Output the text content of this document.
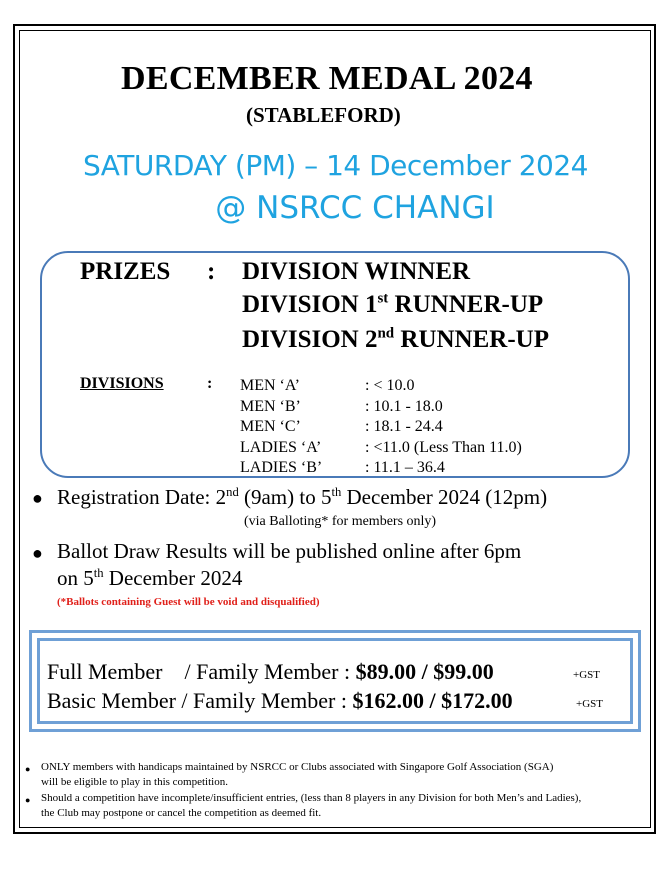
DECEMBER MEDAL 2024
(STABLEFORD)
SATURDAY (PM) – 14 December 2024
@ NSRCC CHANGI
PRIZES : DIVISION WINNER
DIVISION 1st RUNNER-UP
DIVISION 2nd RUNNER-UP
DIVISIONS	: MEN ‘A’	: < 10.0
MEN ‘B’	: 10.1 - 18.0
MEN ‘C’	: 18.1 - 24.4
LADIES ‘A’	: <11.0 (Less Than 11.0)
LADIES ‘B’	: 11.1 – 36.4
● Registration Date: 2nd (9am) to 5th December 2024 (12pm)
(via Balloting* for members only)
● Ballot Draw Results will be published online after 6pm
on 5th December 2024
(*Ballots containing Guest will be void and disqualified)
Full Member    / Family Member : $89.00 / $99.00	+GST
Basic Member / Family Member : $162.00 / $172.00	+GST
● ONLY members with handicaps maintained by NSRCC or Clubs associated with Singapore Golf Association (SGA)
will be eligible to play in this competition.
● Should a competition have incomplete/insufficient entries, (less than 8 players in any Division for both Men’s and Ladies),
the Club may postpone or cancel the competition as deemed fit.
